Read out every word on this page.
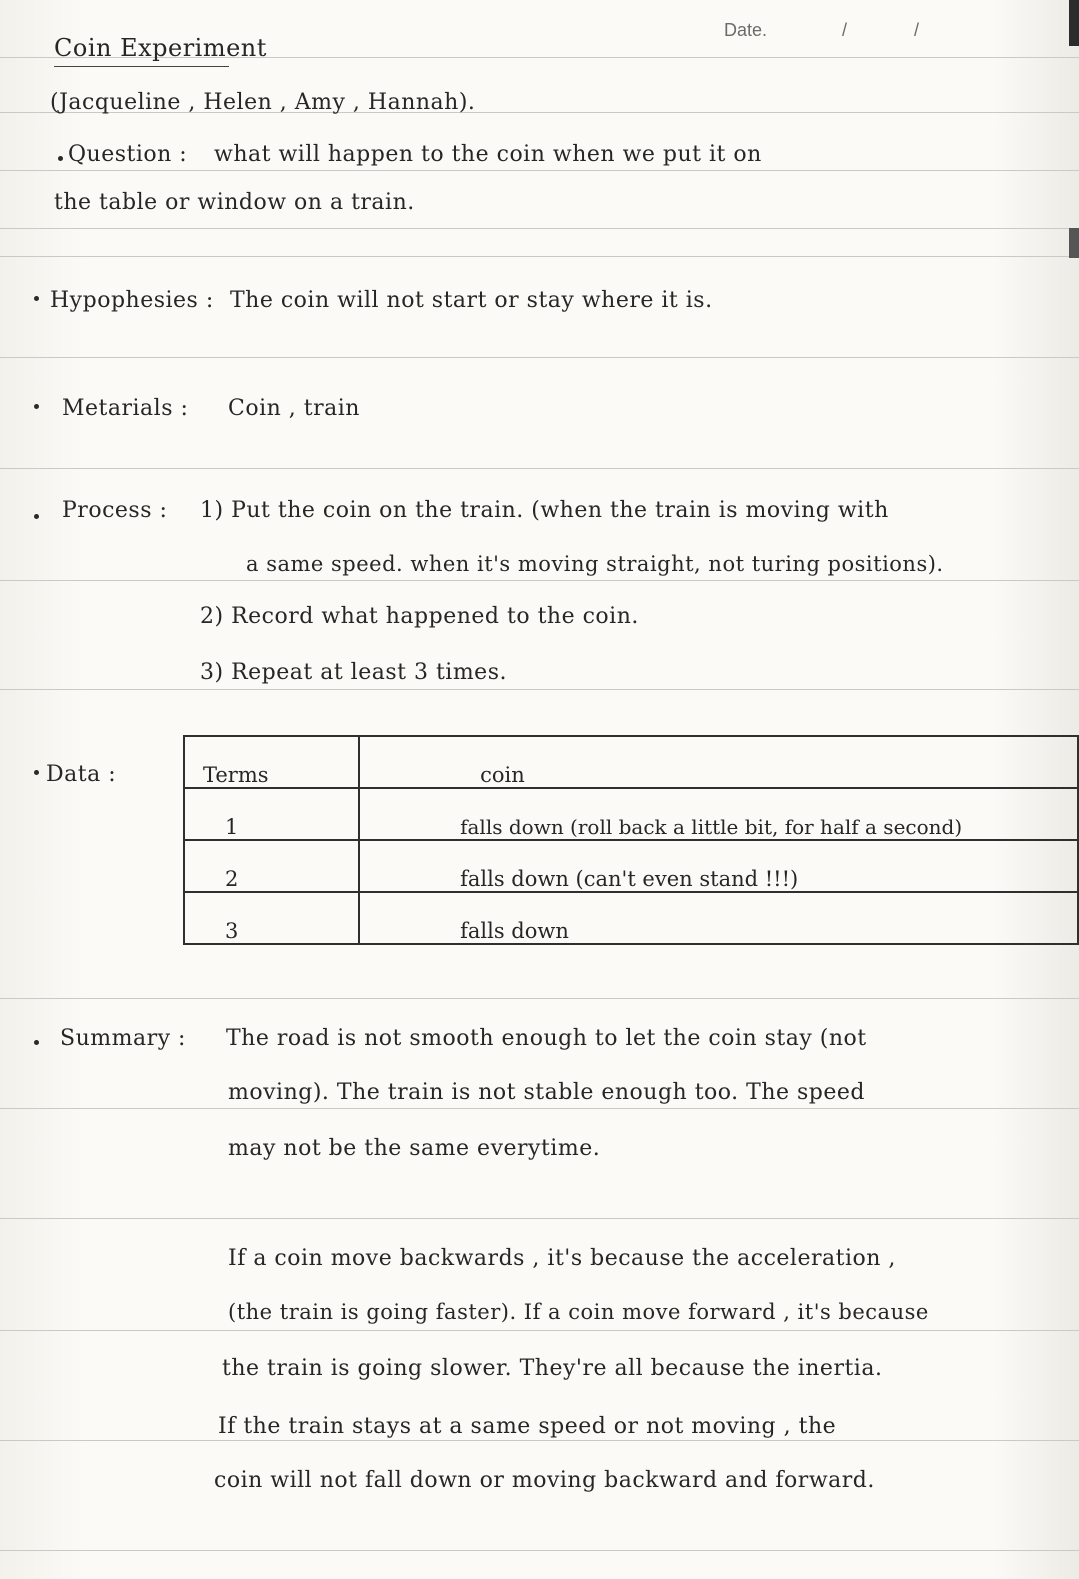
Date.	/	/
Coin Experiment
(Jacqueline , Helen , Amy , Hannah).
Question : what will happen to the coin when we put it on
the table or window on a train.
Hypophesies : The coin will not start or stay where it is.
Metarials : Coin , train
Process : 1) Put the coin on the train. (when the train is moving with
a same speed. when it's moving straight, not turing positions).
2) Record what happened to the coin.
3) Repeat at least 3 times.
Data :	Terms	coin
1	falls down (roll back a little bit, for half a second)
2	falls down (can't even stand !!!)
3	falls down
Summary : The road is not smooth enough to let the coin stay (not
moving). The train is not stable enough too. The speed
may not be the same everytime.
If a coin move backwards , it's because the acceleration ,
(the train is going faster). If a coin move forward , it's because
the train is going slower. They're all because the inertia.
If the train stays at a same speed or not moving , the
coin will not fall down or moving backward and forward.
